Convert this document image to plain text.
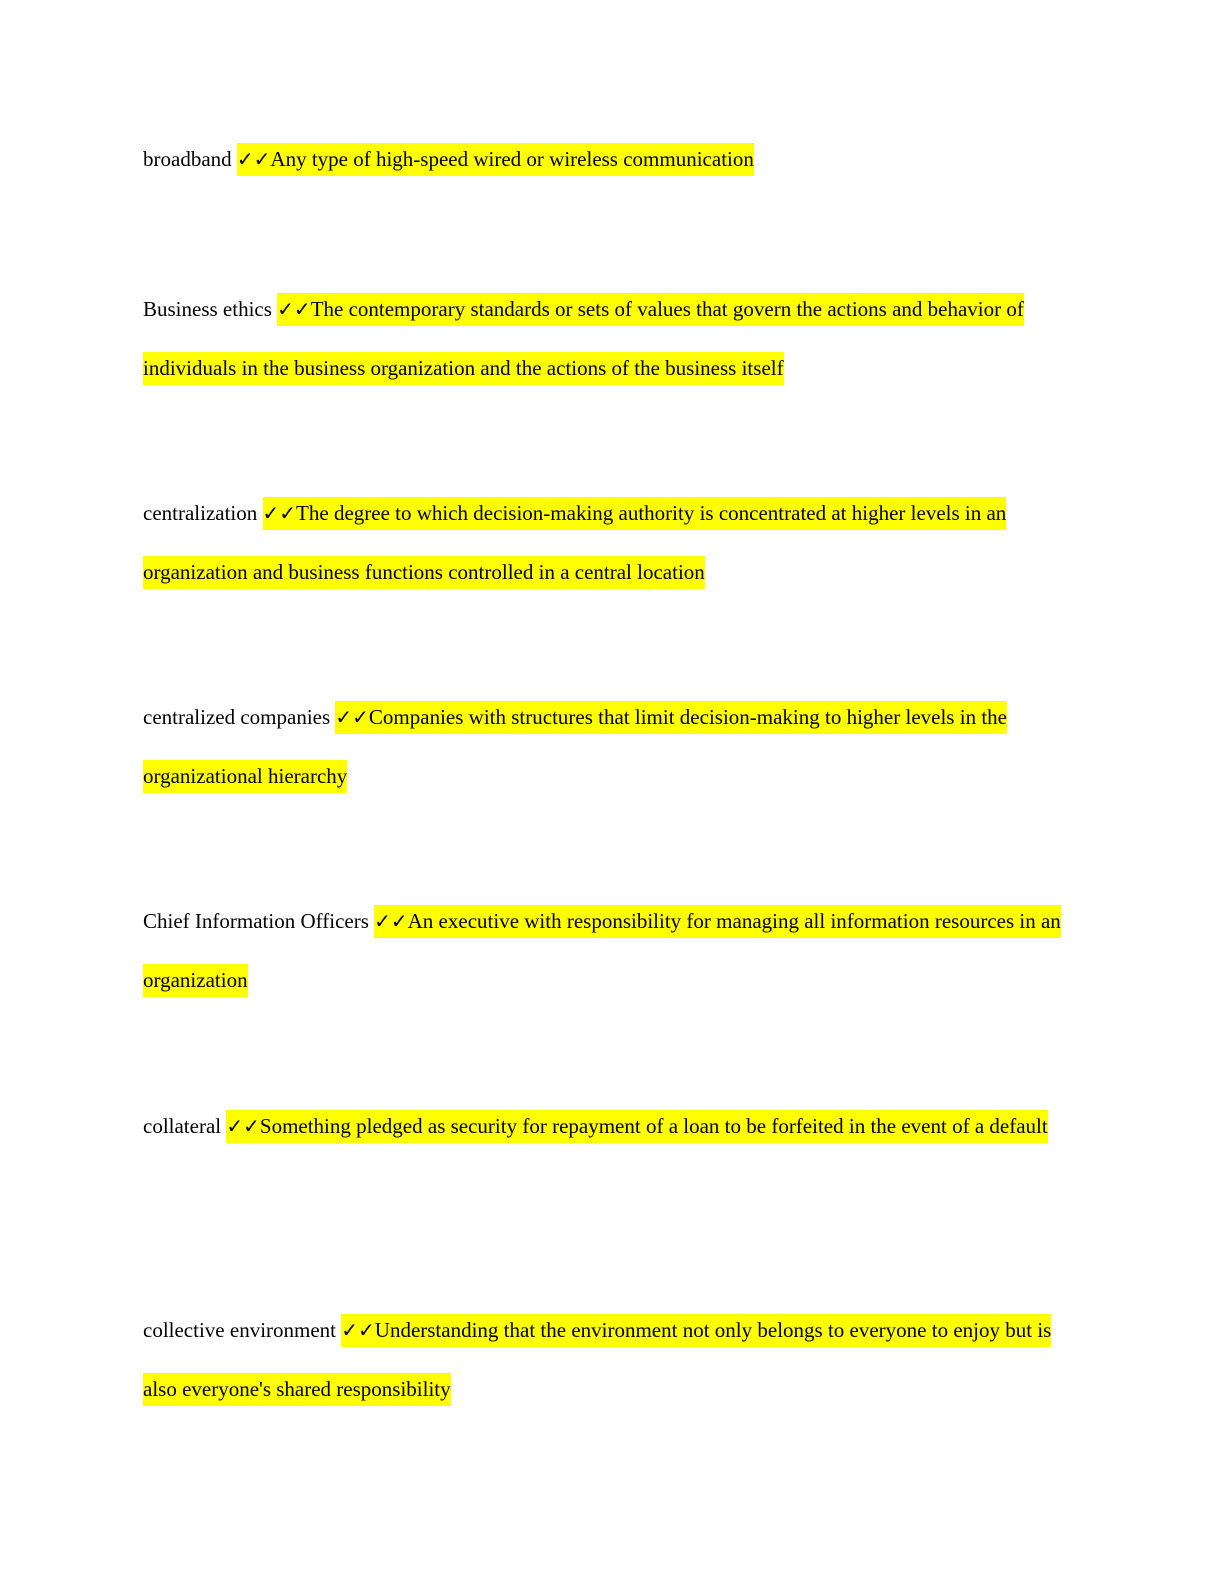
broadband ✓✓Any type of high-speed wired or wireless communication
Business ethics ✓✓The contemporary standards or sets of values that govern the actions and behavior of individuals in the business organization and the actions of the business itself
centralization ✓✓The degree to which decision-making authority is concentrated at higher levels in an organization and business functions controlled in a central location
centralized companies ✓✓Companies with structures that limit decision-making to higher levels in the organizational hierarchy
Chief Information Officers ✓✓An executive with responsibility for managing all information resources in an organization
collateral ✓✓Something pledged as security for repayment of a loan to be forfeited in the event of a default
collective environment ✓✓Understanding that the environment not only belongs to everyone to enjoy but is also everyone's shared responsibility
